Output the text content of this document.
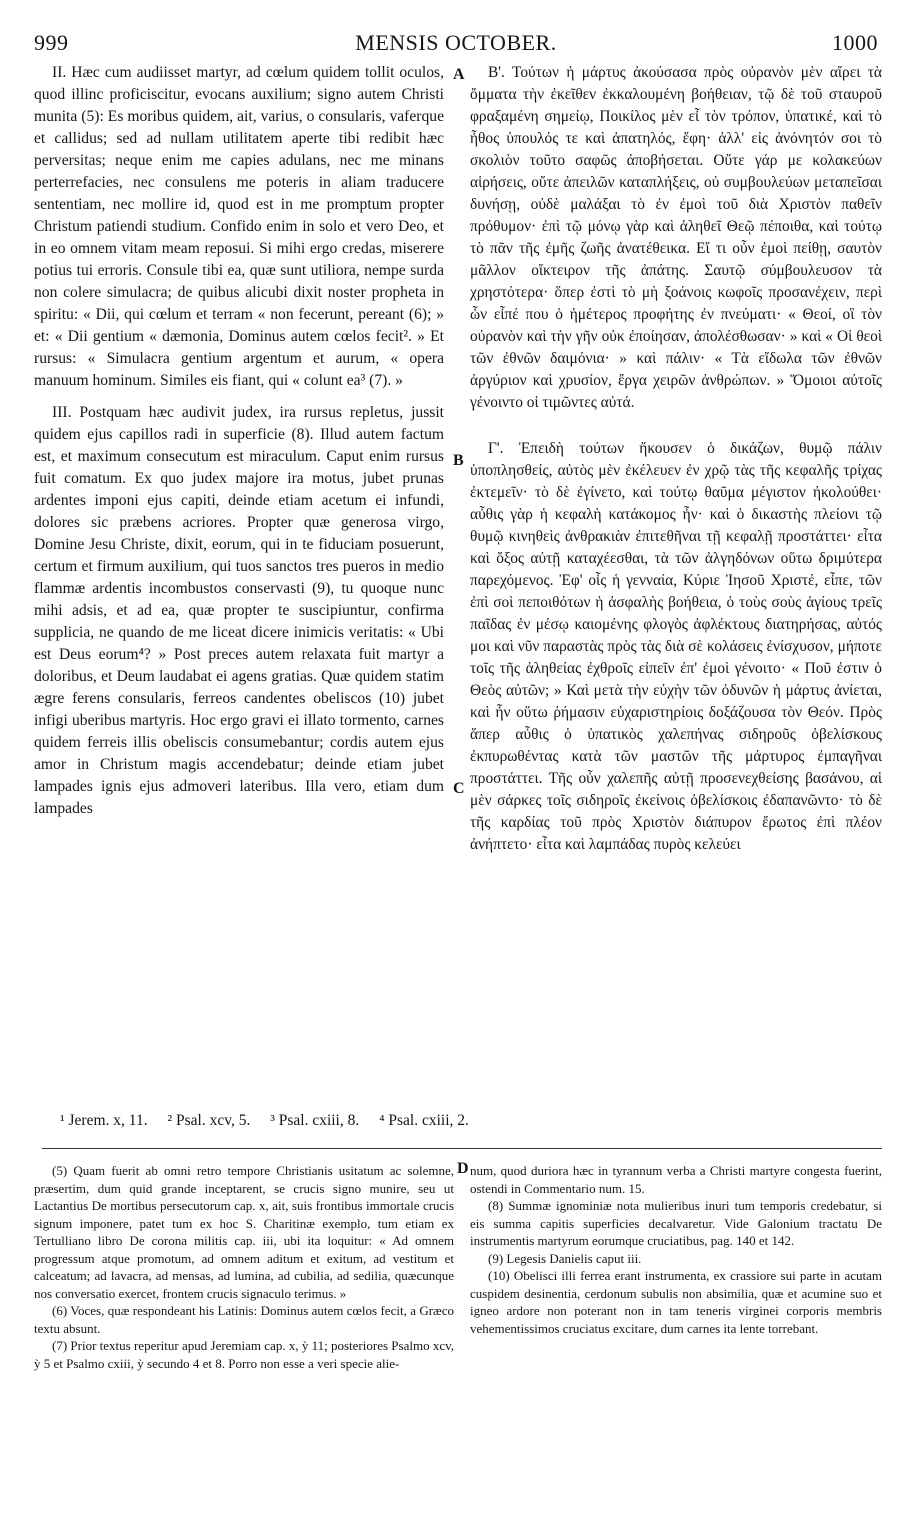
999	MENSIS OCTOBER.	1000

II. Hæc cum audiisset martyr, ad cœlum quidem tollit oculos, quod illinc proficiscitur, evocans auxilium; signo autem Christi munita (5): Es moribus quidem, ait, varius, o consularis, vaferque et callidus; sed ad nullam utilitatem aperte tibi redibit hæc perversitas; neque enim me capies adulans, nec me minans perterrefacies, nec consulens me poteris in aliam traducere sententiam, nec mollire id, quod est in me promptum propter Christum patiendi studium. Confido enim in solo et vero Deo, et in eo omnem vitam meam reposui. Si mihi ergo credas, miserere potius tui erroris. Consule tibi ea, quæ sunt utiliora, nempe surda non colere simulacra; de quibus alicubi dixit noster propheta in spiritu: « Dii, qui cœlum et terram « non fecerunt, pereant (6); » et: « Dii gentium « dæmonia, Dominus autem cœlos fecit². » Et rursus: « Simulacra gentium argentum et aurum, « opera manuum hominum. Similes eis fiant, qui « colunt ea³ (7). »

III. Postquam hæc audivit judex, ira rursus repletus, jussit quidem ejus capillos radi in superficie (8). Illud autem factum est, et maximum consecutum est miraculum. Caput enim rursus fuit comatum. Ex quo judex majore ira motus, jubet prunas ardentes imponi ejus capiti, deinde etiam acetum ei infundi, dolores sic præbens acriores. Propter quæ generosa virgo, Domine Jesu Christe, dixit, eorum, qui in te fiduciam posuerunt, certum et firmum auxilium, qui tuos sanctos tres pueros in medio flammæ ardentis incombustos conservasti (9), tu quoque nunc mihi adsis, et ad ea, quæ propter te suscipiuntur, confirma supplicia, ne quando de me liceat dicere inimicis veritatis: « Ubi est Deus eorum⁴? » Post preces autem relaxata fuit martyr a doloribus, et Deum laudabat ei agens gratias. Quæ quidem statim ægre ferens consularis, ferreos candentes obeliscos (10) jubet infigi uberibus martyris. Hoc ergo gravi ei illato tormento, carnes quidem ferreis illis obeliscis consumebantur; cordis autem ejus amor in Christum magis accendebatur; deinde etiam jubet lampades ignis ejus admoveri lateribus. Illa vero, etiam dum lampades

Β'. Τούτων ἡ μάρτυς ἀκούσασα πρὸς οὐρανὸν μὲν αἴρει τὰ ὄμματα τὴν ἐκεῖθεν ἐκκαλουμένη βοήθειαν, τῷ δὲ τοῦ σταυροῦ φραξαμένη σημείῳ, Ποικίλος μὲν εἶ τὸν τρόπον, ὑπατικέ, καὶ τὸ ἦθος ὑπουλός τε καὶ ἀπατηλός, ἔφη· ἀλλ' εἰς ἀνόνητόν σοι τὸ σκολιὸν τοῦτο σαφῶς ἀποβήσεται. Οὔτε γάρ με κολακεύων αἱρήσεις, οὔτε ἀπειλῶν καταπλήξεις, οὐ συμβουλεύων μεταπεῖσαι δυνήσῃ, οὐδὲ μαλάξαι τὸ ἐν ἐμοὶ τοῦ διὰ Χριστὸν παθεῖν πρόθυμον· ἐπὶ τῷ μόνῳ γὰρ καὶ ἀληθεῖ Θεῷ πέποιθα, καὶ τούτῳ τὸ πᾶν τῆς ἐμῆς ζωῆς ἀνατέθεικα. Εἴ τι οὖν ἐμοὶ πείθῃ, σαυτὸν μᾶλλον οἴκτειρον τῆς ἀπάτης. Σαυτῷ σύμβουλευσον τὰ χρηστότερα· ὅπερ ἐστὶ τὸ μὴ ξοάνοις κωφοῖς προσανέχειν, περὶ ὧν εἶπέ που ὁ ἡμέτερος προφήτης ἐν πνεύματι· « Θεοί, οἳ τὸν οὐρανὸν καὶ τὴν γῆν οὐκ ἐποίησαν, ἀπολέσθωσαν· » καὶ « Οἱ θεοὶ τῶν ἐθνῶν δαιμόνια· » καὶ πάλιν· « Τὰ εἴδωλα τῶν ἐθνῶν ἀργύριον καὶ χρυσίον, ἔργα χειρῶν ἀνθρώπων. » Ὅμοιοι αὐτοῖς γένοιντο οἱ τιμῶντες αὐτά.

Γ'. Ἐπειδὴ τούτων ἤκουσεν ὁ δικάζων, θυμῷ πάλιν ὑποπλησθείς, αὐτὸς μὲν ἐκέλευεν ἐν χρῷ τὰς τῆς κεφαλῆς τρίχας ἐκτεμεῖν· τὸ δὲ ἐγίνετο, καὶ τούτῳ θαῦμα μέγιστον ἠκολούθει· αὖθις γὰρ ἡ κεφαλὴ κατάκομος ἦν· καὶ ὁ δικαστὴς πλείονι τῷ θυμῷ κινηθεὶς ἀνθρακιὰν ἐπιτεθῆναι τῇ κεφαλῇ προστάττει· εἶτα καὶ ὄξος αὐτῇ καταχέεσθαι, τὰ τῶν ἀλγηδόνων οὕτω δριμύτερα παρεχόμενος. Ἐφ' οἷς ἡ γενναία, Κύριε Ἰησοῦ Χριστέ, εἶπε, τῶν ἐπὶ σοὶ πεποιθότων ἡ ἀσφαλὴς βοήθεια, ὁ τοὺς σοὺς ἁγίους τρεῖς παῖδας ἐν μέσῳ καιομένης φλογὸς ἀφλέκτους διατηρήσας, αὐτός μοι καὶ νῦν παραστὰς πρὸς τὰς διὰ σὲ κολάσεις ἐνίσχυσον, μήποτε τοῖς τῆς ἀληθείας ἐχθροῖς εἰπεῖν ἐπ' ἐμοὶ γένοιτο· « Ποῦ ἐστιν ὁ Θεὸς αὐτῶν; » Καὶ μετὰ τὴν εὐχὴν τῶν ὀδυνῶν ἡ μάρτυς ἀνίεται, καὶ ἦν οὕτω ῥήμασιν εὐχαριστηρίοις δοξάζουσα τὸν Θεόν. Πρὸς ἅπερ αὖθις ὁ ὑπατικὸς χαλεπήνας σιδηροῦς ὀβελίσκους ἐκπυρωθέντας κατὰ τῶν μαστῶν τῆς μάρτυρος ἐμπαγῆναι προστάττει. Τῆς οὖν χαλεπῆς αὐτῇ προσενεχθείσης βασάνου, αἱ μὲν σάρκες τοῖς σιδηροῖς ἐκείνοις ὀβελίσκοις ἐδαπανῶντο· τὸ δὲ τῆς καρδίας τοῦ πρὸς Χριστὸν διάπυρον ἔρωτος ἐπὶ πλέον ἀνήπτετο· εἶτα καὶ λαμπάδας πυρὸς κελεύει

A
B
C
¹ Jerem. x, 11. ² Psal. xcv, 5. ³ Psal. cxiii, 8. ⁴ Psal. cxiii, 2.
D

(5) Quam fuerit ab omni retro tempore Christianis usitatum ac solemne, præsertim, dum quid grande inceptarent, se crucis signo munire, seu ut Lactantius De mortibus persecutorum cap. x, ait, suis frontibus immortale crucis signum imponere, patet tum ex hoc S. Charitinæ exemplo, tum etiam ex Tertulliano libro De corona militis cap. iii, ubi ita loquitur: « Ad omnem progressum atque promotum, ad omnem aditum et exitum, ad vestitum et calceatum; ad lavacra, ad mensas, ad lumina, ad cubilia, ad sedilia, quæcunque nos conversatio exercet, frontem crucis signaculo terimus. »

(6) Voces, quæ respondeant his Latinis: Dominus autem cœlos fecit, a Græco textu absunt.

(7) Prior textus reperitur apud Jeremiam cap. x, ỳ 11; posteriores Psalmo xcv, ỳ 5 et Psalmo cxiii, ỳ secundo 4 et 8. Porro non esse a veri specie alie-

num, quod duriora hæc in tyrannum verba a Christi martyre congesta fuerint, ostendi in Commentario num. 15.

(8) Summæ ignominiæ nota mulieribus inuri tum temporis credebatur, si eis summa capitis superficies decalvaretur. Vide Galonium tractatu De instrumentis martyrum eorumque cruciatibus, pag. 140 et 142.

(9) Legesis Danielis caput iii.

(10) Obelisci illi ferrea erant instrumenta, ex crassiore sui parte in acutam cuspidem desinentia, cerdonum subulis non absimilia, quæ et acumine suo et igneo ardore non poterant non in tam teneris virginei corporis membris vehementissimos cruciatus excitare, dum carnes ita lente torrebant.
